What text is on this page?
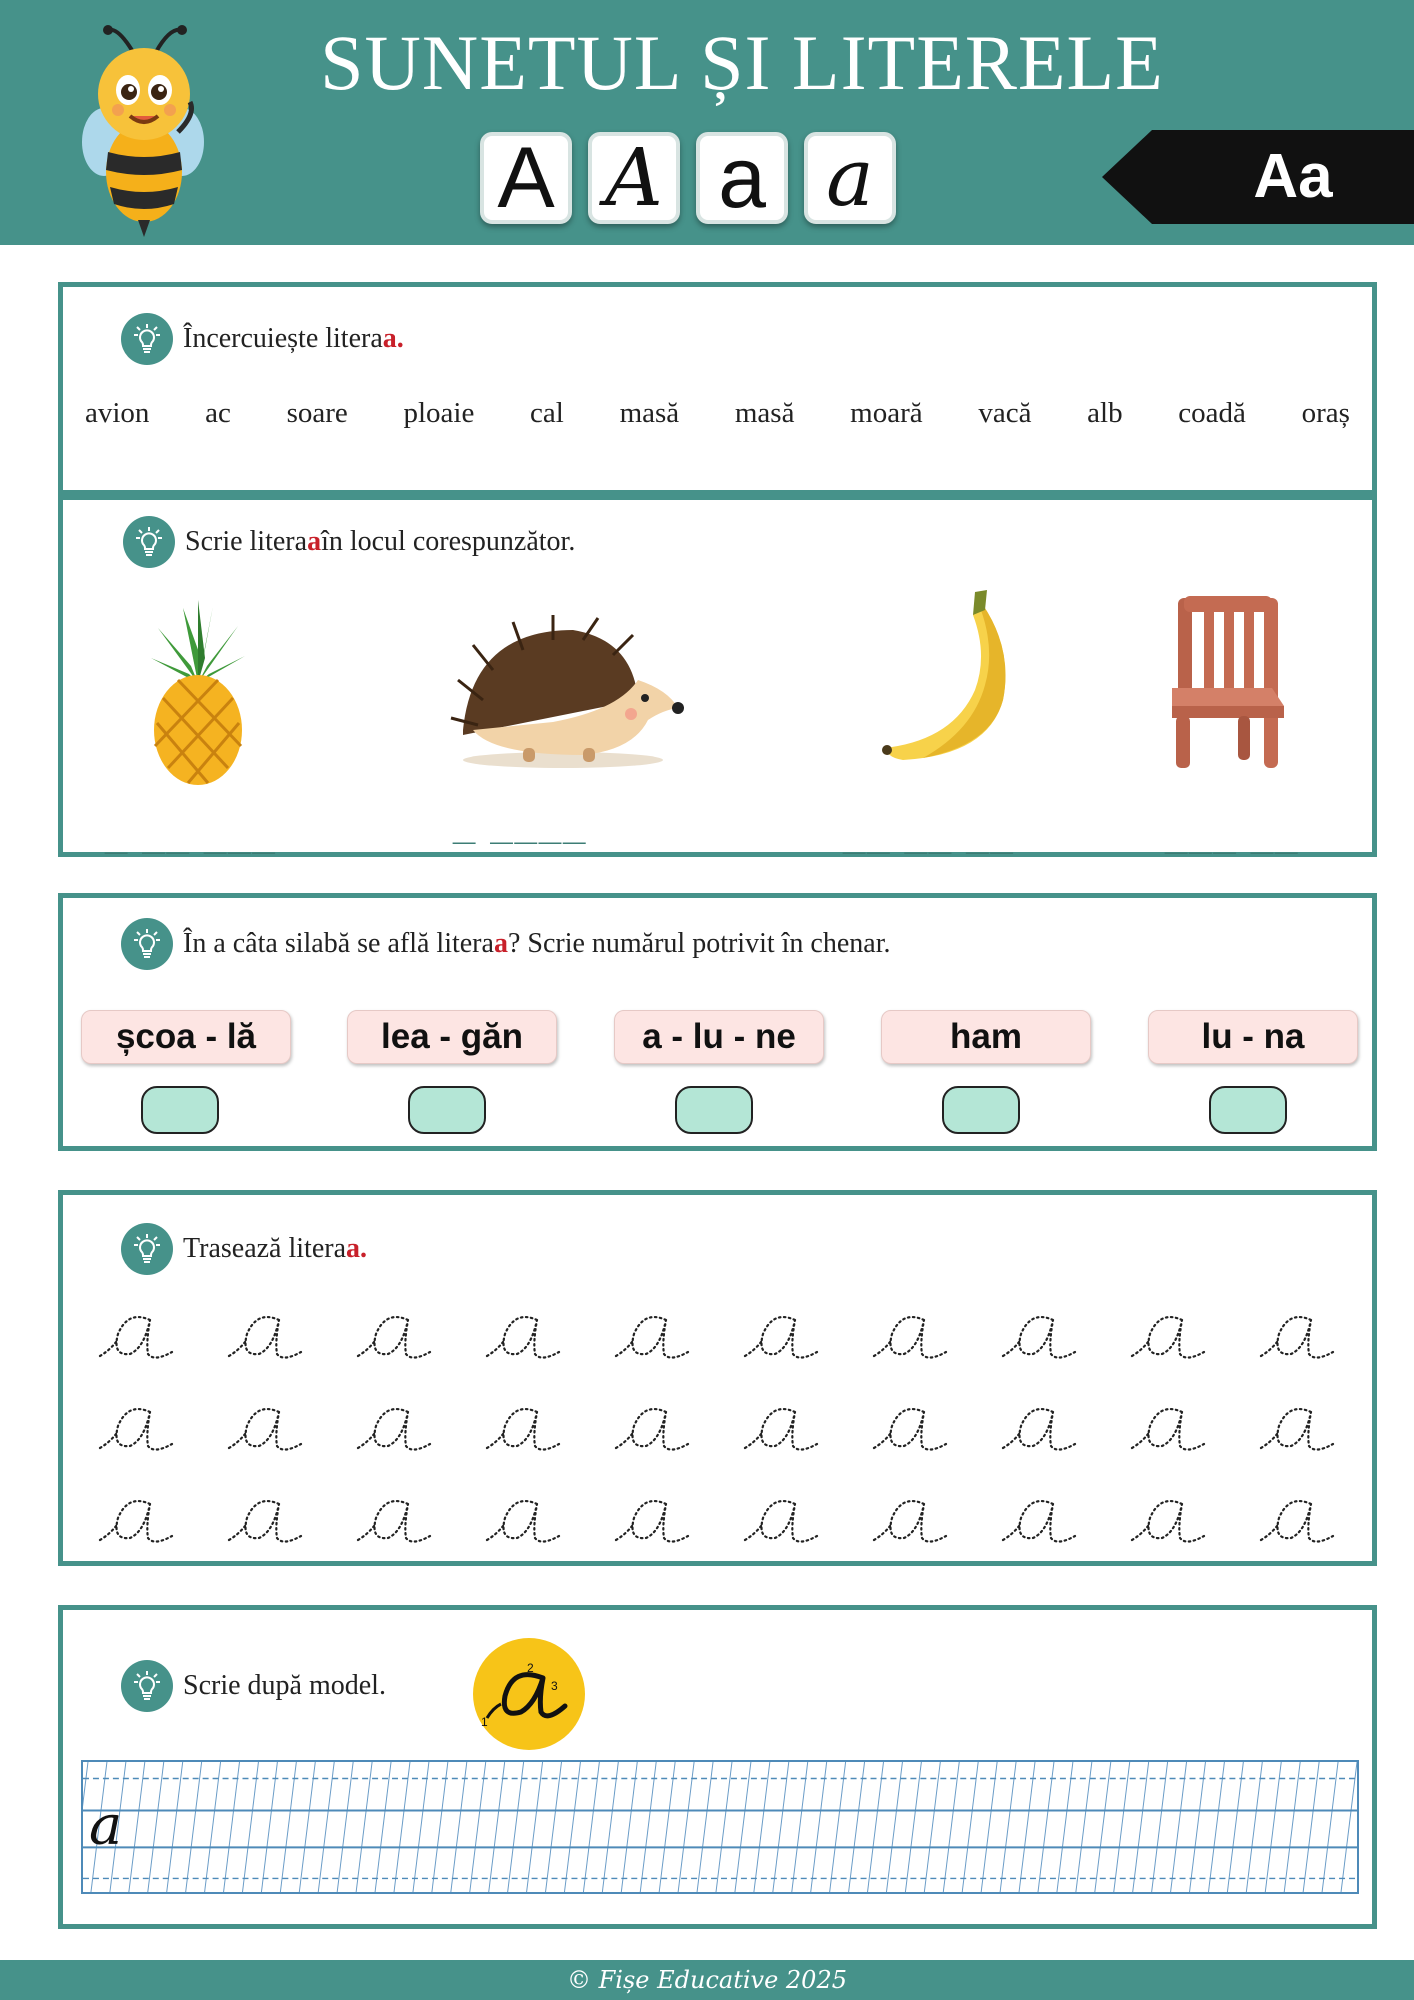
SUNETUL ȘI LITERELE
A A a a	Aa
Încercuiește litera a.
avion ac soare ploaie cal masă masă moară vacă alb coadă oraș
Scrie litera a în locul corespunzător.
_ __ ___	_ ____	__ __ __	___ __
În a câta silabă se află litera a ? Scrie numărul potrivit în chenar.
școa - lă	lea - găn	a - lu - ne	ham	lu - na
Trasează litera a.
Scrie după model.
1
2
3
a
© Fișe Educative 2025
